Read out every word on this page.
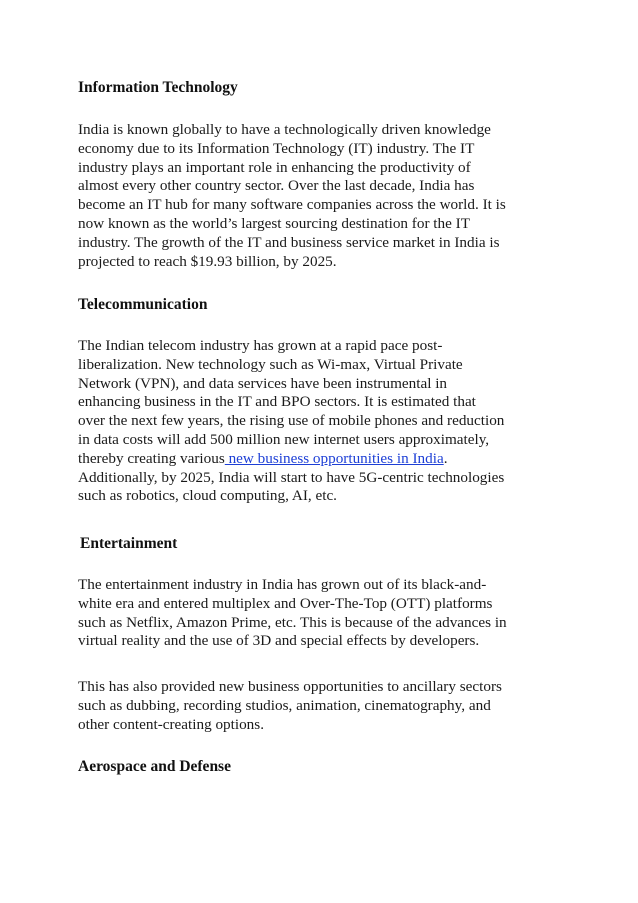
Information Technology

India is known globally to have a technologically driven knowledge
economy due to its Information Technology (IT) industry. The IT
industry plays an important role in enhancing the productivity of
almost every other country sector. Over the last decade, India has
become an IT hub for many software companies across the world. It is
now known as the world’s largest sourcing destination for the IT
industry. The growth of the IT and business service market in India is
projected to reach $19.93 billion, by 2025.

Telecommunication

The Indian telecom industry has grown at a rapid pace post-
liberalization. New technology such as Wi-max, Virtual Private
Network (VPN), and data services have been instrumental in
enhancing business in the IT and BPO sectors. It is estimated that
over the next few years, the rising use of mobile phones and reduction
in data costs will add 500 million new internet users approximately,
thereby creating various new business opportunities in India.
Additionally, by 2025, India will start to have 5G-centric technologies
such as robotics, cloud computing, AI, etc.

Entertainment

The entertainment industry in India has grown out of its black-and-
white era and entered multiplex and Over-The-Top (OTT) platforms
such as Netflix, Amazon Prime, etc. This is because of the advances in
virtual reality and the use of 3D and special effects by developers.

This has also provided new business opportunities to ancillary sectors
such as dubbing, recording studios, animation, cinematography, and
other content-creating options.

Aerospace and Defense
